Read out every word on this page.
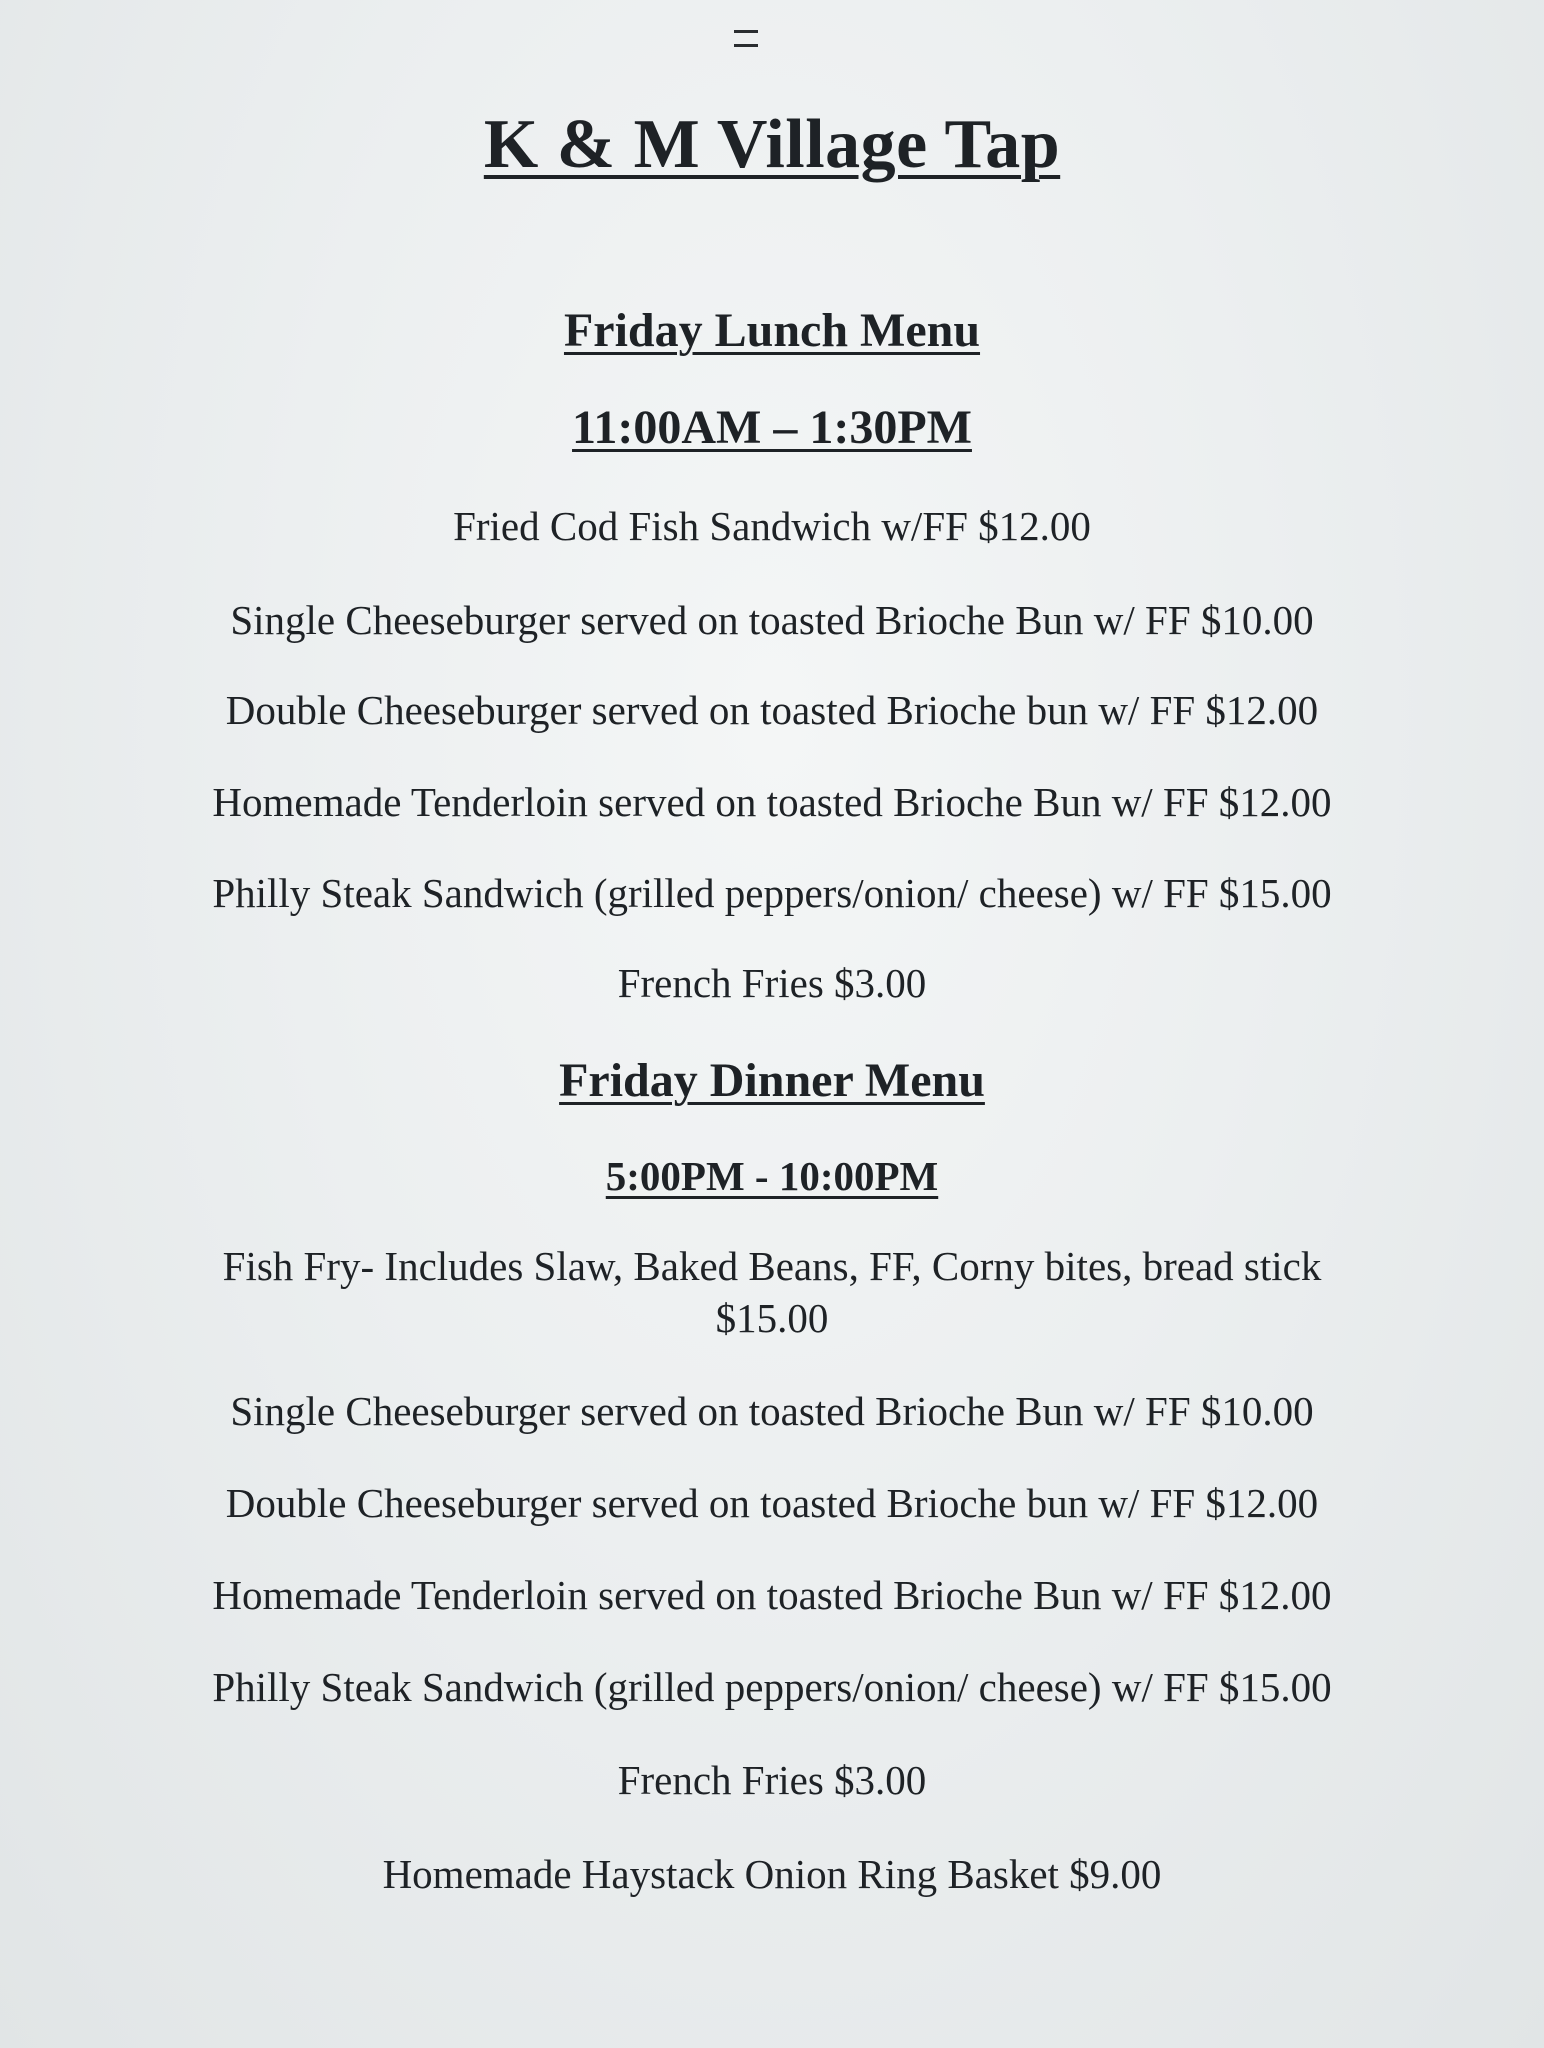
K & M Village Tap
Friday Lunch Menu
11:00AM – 1:30PM
Fried Cod Fish Sandwich w/FF $12.00
Single Cheeseburger served on toasted Brioche Bun w/ FF $10.00
Double Cheeseburger served on toasted Brioche bun w/ FF $12.00
Homemade Tenderloin served on toasted Brioche Bun w/ FF $12.00
Philly Steak Sandwich (grilled peppers/onion/ cheese) w/ FF $15.00
French Fries $3.00
Friday Dinner Menu
5:00PM - 10:00PM
Fish Fry- Includes Slaw, Baked Beans, FF, Corny bites, bread stick
$15.00
Single Cheeseburger served on toasted Brioche Bun w/ FF $10.00
Double Cheeseburger served on toasted Brioche bun w/ FF $12.00
Homemade Tenderloin served on toasted Brioche Bun w/ FF $12.00
Philly Steak Sandwich (grilled peppers/onion/ cheese) w/ FF $15.00
French Fries $3.00
Homemade Haystack Onion Ring Basket $9.00
